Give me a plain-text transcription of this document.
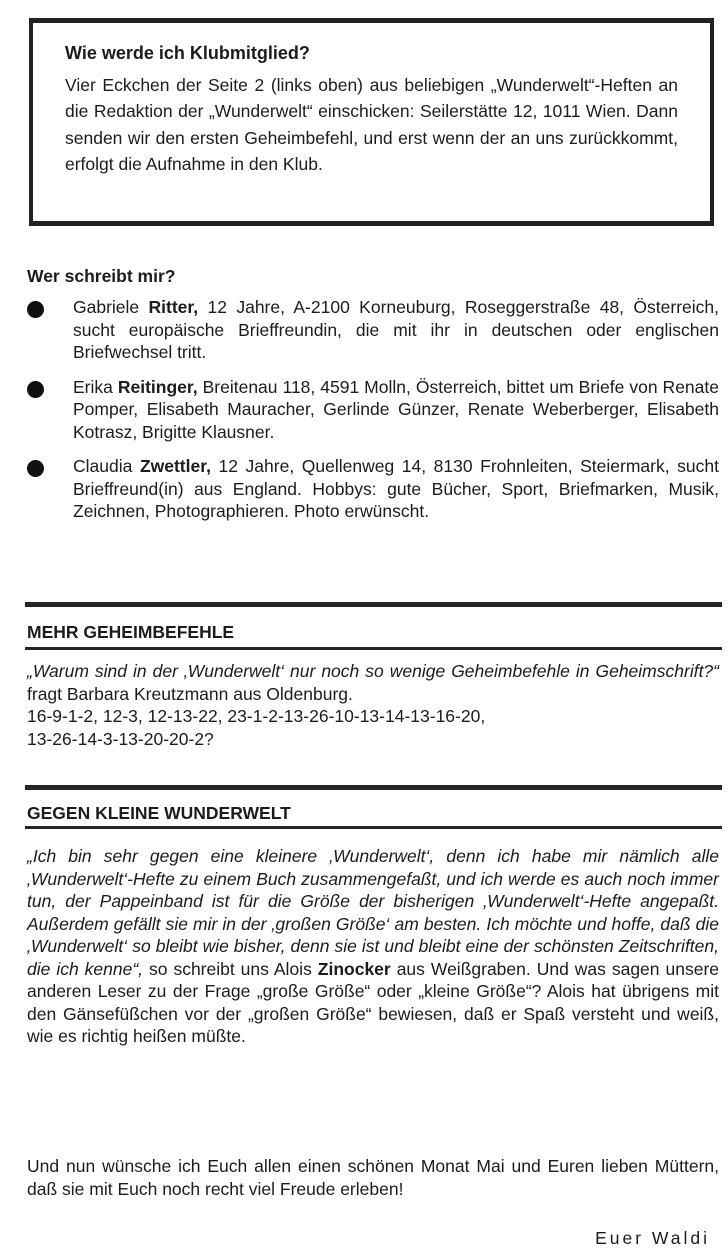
Wie werde ich Klubmitglied?

Vier Eckchen der Seite 2 (links oben) aus beliebigen „Wunderwelt“-Heften an die Redaktion der „Wunderwelt“ einschicken: Seilerstätte 12, 1011 Wien. Dann senden wir den ersten Geheimbefehl, und erst wenn der an uns zurückkommt, erfolgt die Aufnahme in den Klub.

Wer schreibt mir?
Gabriele Ritter, 12 Jahre, A-2100 Korneuburg, Roseggerstraße 48, Österreich, sucht europäische Brieffreundin, die mit ihr in deutschen oder englischen Briefwechsel tritt.
Erika Reitinger, Breitenau 118, 4591 Molln, Österreich, bittet um Briefe von Renate Pomper, Elisabeth Mauracher, Gerlinde Günzer, Renate Weberberger, Elisabeth Kotrasz, Brigitte Klausner.
Claudia Zwettler, 12 Jahre, Quellenweg 14, 8130 Frohnleiten, Steiermark, sucht Brieffreund(in) aus England. Hobbys: gute Bücher, Sport, Briefmarken, Musik, Zeichnen, Photographieren. Photo erwünscht.
MEHR GEHEIMBEFEHLE
„Warum sind in der ‚Wunderwelt‘ nur noch so wenige Geheimbefehle in Geheimschrift?“ fragt Barbara Kreutzmann aus Oldenburg.
16-9-1-2, 12-3, 12-13-22, 23-1-2-13-26-10-13-14-13-16-20,
13-26-14-3-13-20-20-2?
GEGEN KLEINE WUNDERWELT
„Ich bin sehr gegen eine kleinere ‚Wunderwelt‘, denn ich habe mir nämlich alle ‚Wunderwelt‘-Hefte zu einem Buch zusammengefaßt, und ich werde es auch noch immer tun, der Pappeinband ist für die Größe der bisherigen ‚Wunderwelt‘-Hefte angepaßt. Außerdem gefällt sie mir in der ‚großen Größe‘ am besten. Ich möchte und hoffe, daß die ‚Wunderwelt‘ so bleibt wie bisher, denn sie ist und bleibt eine der schönsten Zeitschriften, die ich kenne“, so schreibt uns Alois Zinocker aus Weißgraben. Und was sagen unsere anderen Leser zu der Frage „große Größe“ oder „kleine Größe“? Alois hat übrigens mit den Gänsefüßchen vor der „großen Größe“ bewiesen, daß er Spaß versteht und weiß, wie es richtig heißen müßte.

Und nun wünsche ich Euch allen einen schönen Monat Mai und Euren lieben Müttern, daß sie mit Euch noch recht viel Freude erleben!

Euer Waldi
